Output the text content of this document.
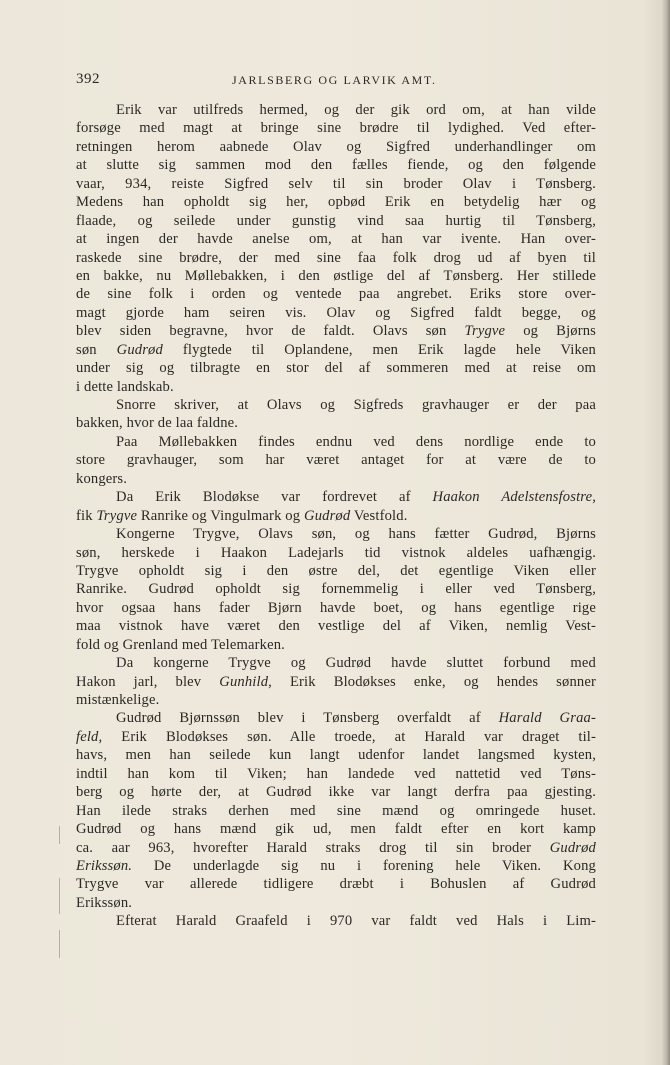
392	JARLSBERG OG LARVIK AMT.
Erik var utilfreds hermed, og der gik ord om, at han vilde
forsøge med magt at bringe sine brødre til lydighed. Ved efter-
retningen herom aabnede Olav og Sigfred underhandlinger om
at slutte sig sammen mod den fælles fiende, og den følgende
vaar, 934, reiste Sigfred selv til sin broder Olav i Tønsberg.
Medens han opholdt sig her, opbød Erik en betydelig hær og
flaade, og seilede under gunstig vind saa hurtig til Tønsberg,
at ingen der havde anelse om, at han var ivente. Han over-
raskede sine brødre, der med sine faa folk drog ud af byen til
en bakke, nu Møllebakken, i den østlige del af Tønsberg. Her stillede
de sine folk i orden og ventede paa angrebet. Eriks store over-
magt gjorde ham seiren vis. Olav og Sigfred faldt begge, og
blev siden begravne, hvor de faldt. Olavs søn Trygve og Bjørns
søn Gudrød flygtede til Oplandene, men Erik lagde hele Viken
under sig og tilbragte en stor del af sommeren med at reise om
i dette landskab.
Snorre skriver, at Olavs og Sigfreds gravhauger er der paa
bakken, hvor de laa faldne.
Paa Møllebakken findes endnu ved dens nordlige ende to
store gravhauger, som har været antaget for at være de to
kongers.
Da Erik Blodøkse var fordrevet af Haakon Adelstensfostre,
fik Trygve Ranrike og Vingulmark og Gudrød Vestfold.
Kongerne Trygve, Olavs søn, og hans fætter Gudrød, Bjørns
søn, herskede i Haakon Ladejarls tid vistnok aldeles uafhængig.
Trygve opholdt sig i den østre del, det egentlige Viken eller
Ranrike. Gudrød opholdt sig fornemmelig i eller ved Tønsberg,
hvor ogsaa hans fader Bjørn havde boet, og hans egentlige rige
maa vistnok have været den vestlige del af Viken, nemlig Vest-
fold og Grenland med Telemarken.
Da kongerne Trygve og Gudrød havde sluttet forbund med
Hakon jarl, blev Gunhild, Erik Blodøkses enke, og hendes sønner
mistænkelige.
Gudrød Bjørnssøn blev i Tønsberg overfaldt af Harald Graa-
feld, Erik Blodøkses søn. Alle troede, at Harald var draget til-
havs, men han seilede kun langt udenfor landet langsmed kysten,
indtil han kom til Viken; han landede ved nattetid ved Tøns-
berg og hørte der, at Gudrød ikke var langt derfra paa gjesting.
Han ilede straks derhen med sine mænd og omringede huset.
Gudrød og hans mænd gik ud, men faldt efter en kort kamp
ca. aar 963, hvorefter Harald straks drog til sin broder Gudrød
Erikssøn. De underlagde sig nu i forening hele Viken. Kong
Trygve var allerede tidligere dræbt i Bohuslen af Gudrød
Erikssøn.
Efterat Harald Graafeld i 970 var faldt ved Hals i Lim-
